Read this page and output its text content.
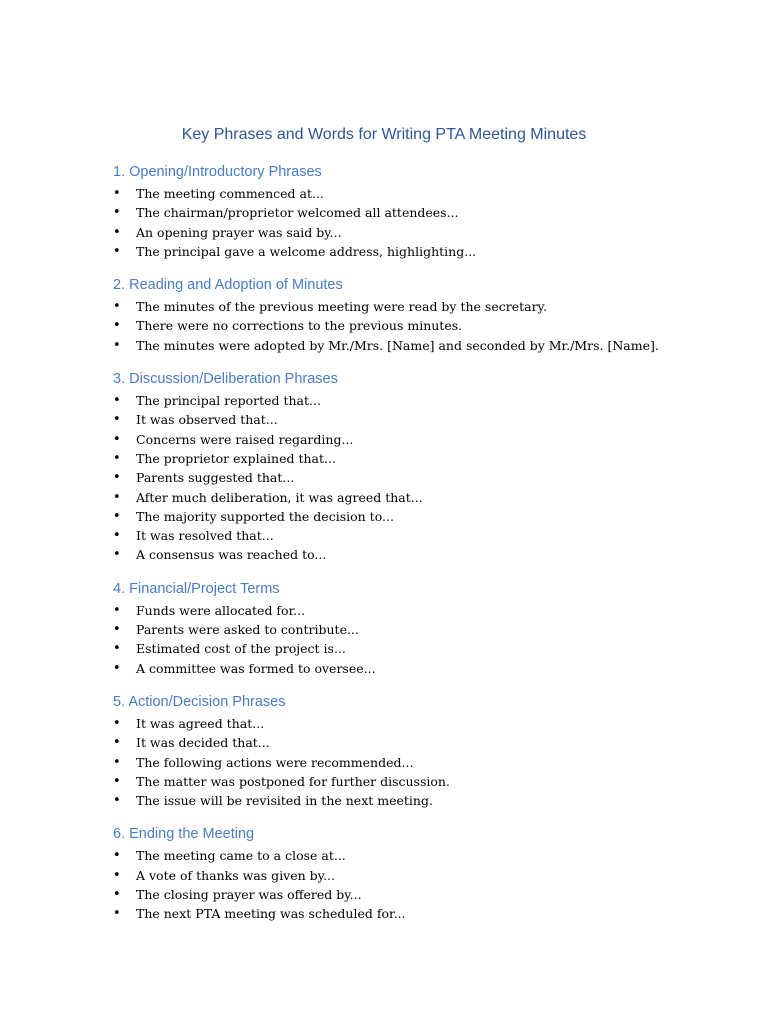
Key Phrases and Words for Writing PTA Meeting Minutes
1. Opening/Introductory Phrases
• The meeting commenced at...
• The chairman/proprietor welcomed all attendees...
• An opening prayer was said by...
• The principal gave a welcome address, highlighting...
2. Reading and Adoption of Minutes
• The minutes of the previous meeting were read by the secretary.
• There were no corrections to the previous minutes.
• The minutes were adopted by Mr./Mrs. [Name] and seconded by Mr./Mrs. [Name].
3. Discussion/Deliberation Phrases
• The principal reported that...
• It was observed that...
• Concerns were raised regarding...
• The proprietor explained that...
• Parents suggested that...
• After much deliberation, it was agreed that...
• The majority supported the decision to...
• It was resolved that...
• A consensus was reached to...
4. Financial/Project Terms
• Funds were allocated for...
• Parents were asked to contribute...
• Estimated cost of the project is...
• A committee was formed to oversee...
5. Action/Decision Phrases
• It was agreed that...
• It was decided that...
• The following actions were recommended...
• The matter was postponed for further discussion.
• The issue will be revisited in the next meeting.
6. Ending the Meeting
• The meeting came to a close at...
• A vote of thanks was given by...
• The closing prayer was offered by...
• The next PTA meeting was scheduled for...
